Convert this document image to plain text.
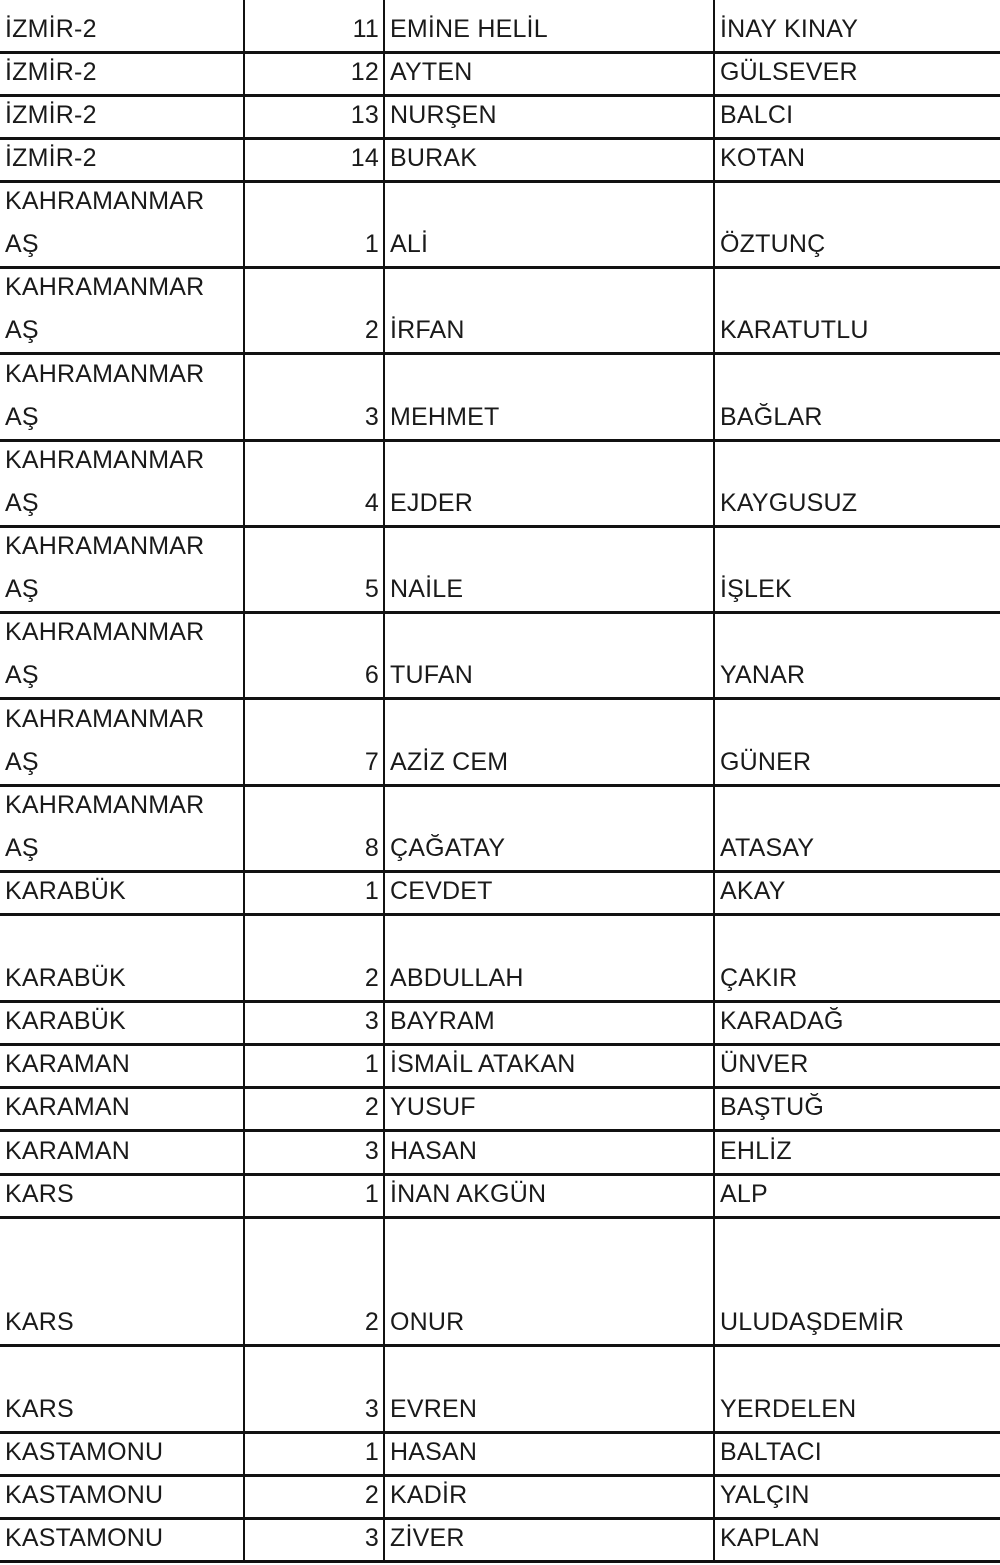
İZMİR-2	11 EMİNE HELİL	İNAY KINAY
İZMİR-2	12 AYTEN	GÜLSEVER
İZMİR-2	13 NURŞEN	BALCI
İZMİR-2	14 BURAK	KOTAN
KAHRAMANMAR
AŞ	1 ALİ	ÖZTUNÇ
KAHRAMANMAR
AŞ	2 İRFAN	KARATUTLU
KAHRAMANMAR
AŞ	3 MEHMET	BAĞLAR
KAHRAMANMAR
AŞ	4 EJDER	KAYGUSUZ
KAHRAMANMAR
AŞ	5 NAİLE	İŞLEK
KAHRAMANMAR
AŞ	6 TUFAN	YANAR
KAHRAMANMAR
AŞ	7 AZİZ CEM	GÜNER
KAHRAMANMAR
AŞ	8 ÇAĞATAY	ATASAY
KARABÜK	1 CEVDET	AKAY
KARABÜK	2 ABDULLAH	ÇAKIR
KARABÜK	3 BAYRAM	KARADAĞ
KARAMAN	1 İSMAİL ATAKAN	ÜNVER
KARAMAN	2 YUSUF	BAŞTUĞ
KARAMAN	3 HASAN	EHLİZ
KARS	1 İNAN AKGÜN	ALP
KARS	2 ONUR	ULUDAŞDEMİR
KARS	3 EVREN	YERDELEN
KASTAMONU	1 HASAN	BALTACI
KASTAMONU	2 KADİR	YALÇIN
KASTAMONU	3 ZİVER	KAPLAN
